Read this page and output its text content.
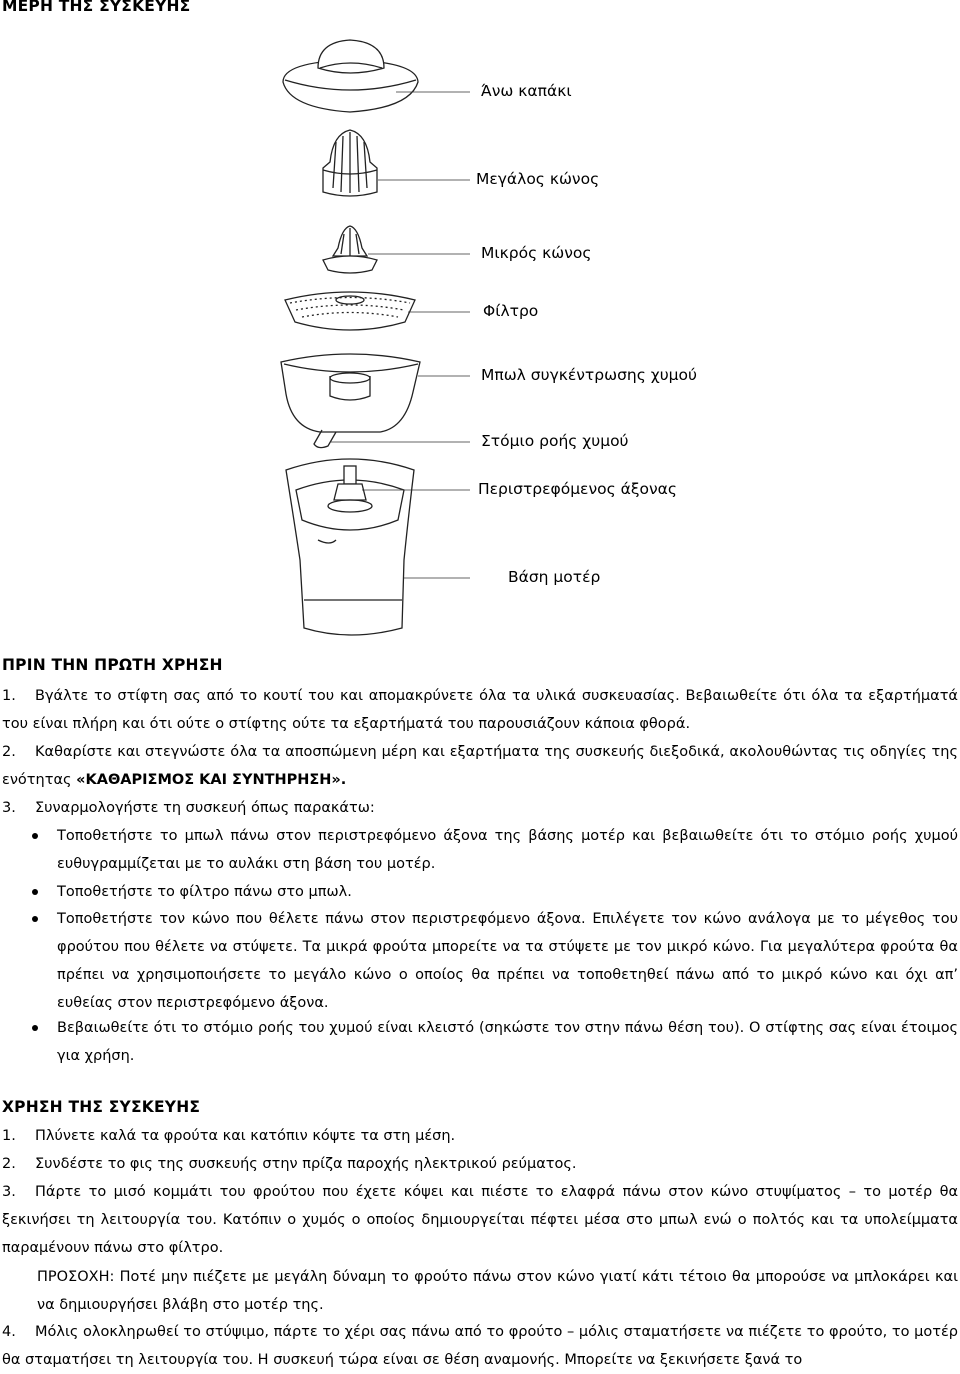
ΜΕΡΗ ΤΗΣ ΣΥΣΚΕΥΗΣ
Άνω καπάκι
Μεγάλος κώνος
Μικρός κώνος
Φίλτρο
Μπωλ συγκέντρωσης χυμού
Στόμιο ροής χυμού
Περιστρεφόμενος άξονας
Βάση μοτέρ
ΠΡΙΝ ΤΗΝ ΠΡΩΤΗ ΧΡΗΣΗ

1. Βγάλτε το στίφτη σας από το κουτί του και απομακρύνετε όλα τα υλικά συσκευασίας. Βεβαιωθείτε ότι όλα τα εξαρτήματά του είναι πλήρη και ότι ούτε ο στίφτης ούτε τα εξαρτήματά του παρουσιάζουν κάποια φθορά.

2. Καθαρίστε και στεγνώστε όλα τα αποσπώμενη μέρη και εξαρτήματα της συσκευής διεξοδικά, ακολουθώντας τις οδηγίες της ενότητας «ΚΑΘΑΡΙΣΜΟΣ ΚΑΙ ΣΥΝΤΗΡΗΣΗ».

3. Συναρμολογήστε τη συσκευή όπως παρακάτω:

Τοποθετήστε το μπωλ πάνω στον περιστρεφόμενο άξονα της βάσης μοτέρ και βεβαιωθείτε ότι το στόμιο ροής χυμού ευθυγραμμίζεται με το αυλάκι στη βάση του μοτέρ.

Τοποθετήστε το φίλτρο πάνω στο μπωλ.

Τοποθετήστε τον κώνο που θέλετε πάνω στον περιστρεφόμενο άξονα. Επιλέγετε τον κώνο ανάλογα με το μέγεθος του φρούτου που θέλετε να στύψετε. Τα μικρά φρούτα μπορείτε να τα στύψετε με τον μικρό κώνο. Για μεγαλύτερα φρούτα θα πρέπει να χρησιμοποιήσετε το μεγάλο κώνο ο οποίος θα πρέπει να τοποθετηθεί πάνω από το μικρό κώνο και όχι απ’ ευθείας στον περιστρεφόμενο άξονα.

Βεβαιωθείτε ότι το στόμιο ροής του χυμού είναι κλειστό (σηκώστε τον στην πάνω θέση του). Ο στίφτης σας είναι έτοιμος για χρήση.

ΧΡΗΣΗ ΤΗΣ ΣΥΣΚΕΥΗΣ

1. Πλύνετε καλά τα φρούτα και κατόπιν κόψτε τα στη μέση.

2. Συνδέστε το φις της συσκευής στην πρίζα παροχής ηλεκτρικού ρεύματος.

3. Πάρτε το μισό κομμάτι του φρούτου που έχετε κόψει και πιέστε το ελαφρά πάνω στον κώνο στυψίματος – το μοτέρ θα ξεκινήσει τη λειτουργία του. Κατόπιν ο χυμός ο οποίος δημιουργείται πέφτει μέσα στο μπωλ ενώ ο πολτός και τα υπολείμματα παραμένουν πάνω στο φίλτρο.

ΠΡΟΣΟΧΗ: Ποτέ μην πιέζετε με μεγάλη δύναμη το φρούτο πάνω στον κώνο γιατί κάτι τέτοιο θα μπορούσε να μπλοκάρει και να δημιουργήσει βλάβη στο μοτέρ της.

4. Μόλις ολοκληρωθεί το στύψιμο, πάρτε το χέρι σας πάνω από το φρούτο – μόλις σταματήσετε να πιέζετε το φρούτο, το μοτέρ θα σταματήσει τη λειτουργία του. Η συσκευή τώρα είναι σε θέση αναμονής. Μπορείτε να ξεκινήσετε ξανά το
